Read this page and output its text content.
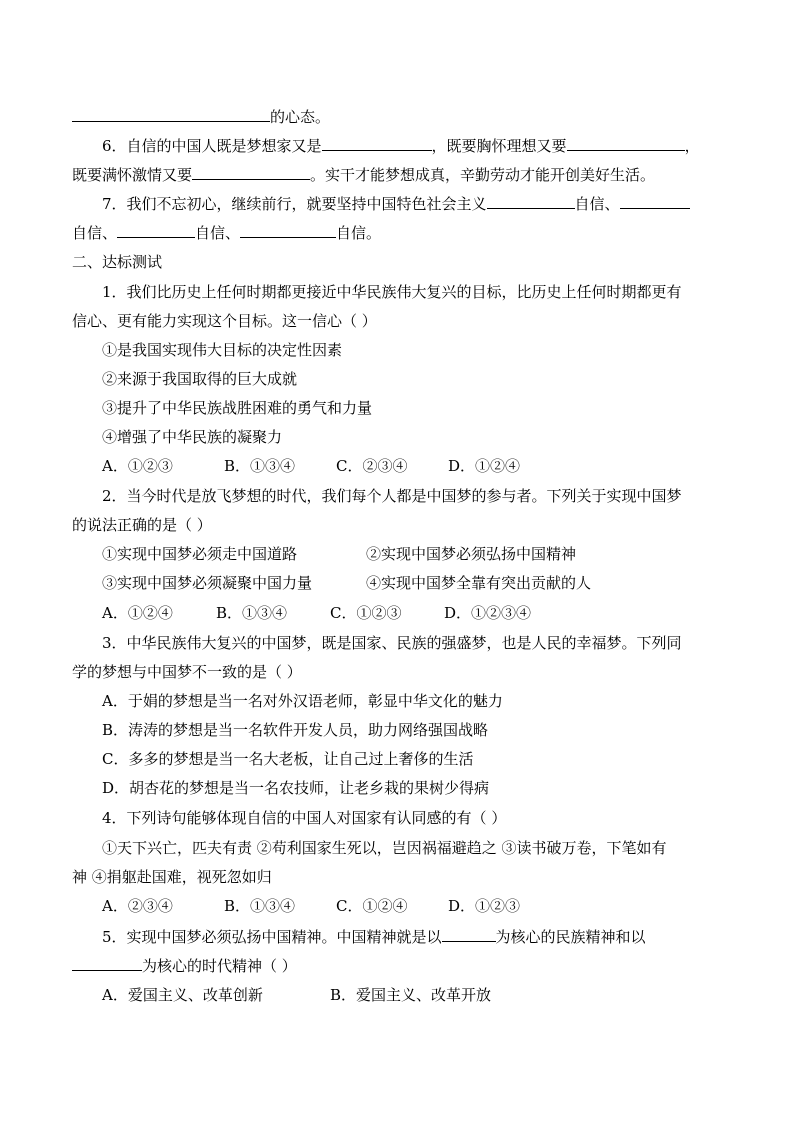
的心态。
6．自信的中国人既是梦想家又是	，既要胸怀理想又要	，
既要满怀激情又要	。实干才能梦想成真，辛勤劳动才能开创美好生活。
7．我们不忘初心，继续前行，就要坚持中国特色社会主义	自信、
自信、	自信、	自信。
二、达标测试
1．我们比历史上任何时期都更接近中华民族伟大复兴的目标，比历史上任何时期都更有
信心、更有能力实现这个目标。这一信心（ ）
①是我国实现伟大目标的决定性因素
②来源于我国取得的巨大成就
③提升了中华民族战胜困难的勇气和力量
④增强了中华民族的凝聚力
A．①②③	B．①③④	C．②③④	D．①②④
2．当今时代是放飞梦想的时代，我们每个人都是中国梦的参与者。下列关于实现中国梦
的说法正确的是（ ）
①实现中国梦必须走中国道路	②实现中国梦必须弘扬中国精神
③实现中国梦必须凝聚中国力量	④实现中国梦全靠有突出贡献的人
A．①②④	B．①③④	C．①②③	D．①②③④
3．中华民族伟大复兴的中国梦，既是国家、民族的强盛梦，也是人民的幸福梦。下列同
学的梦想与中国梦不一致的是（ ）
A．于娟的梦想是当一名对外汉语老师，彰显中华文化的魅力
B．涛涛的梦想是当一名软件开发人员，助力网络强国战略
C．多多的梦想是当一名大老板，让自己过上奢侈的生活
D．胡杏花的梦想是当一名农技师，让老乡栽的果树少得病
4．下列诗句能够体现自信的中国人对国家有认同感的有（ ）
①天下兴亡，匹夫有责 ②苟利国家生死以，岂因祸福避趋之 ③读书破万卷，下笔如有
神 ④捐躯赴国难，视死忽如归
A．②③④	B．①③④	C．①②④	D．①②③
5．实现中国梦必须弘扬中国精神。中国精神就是以	为核心的民族精神和以
为核心的时代精神（ ）
A．爱国主义、改革创新	B．爱国主义、改革开放
